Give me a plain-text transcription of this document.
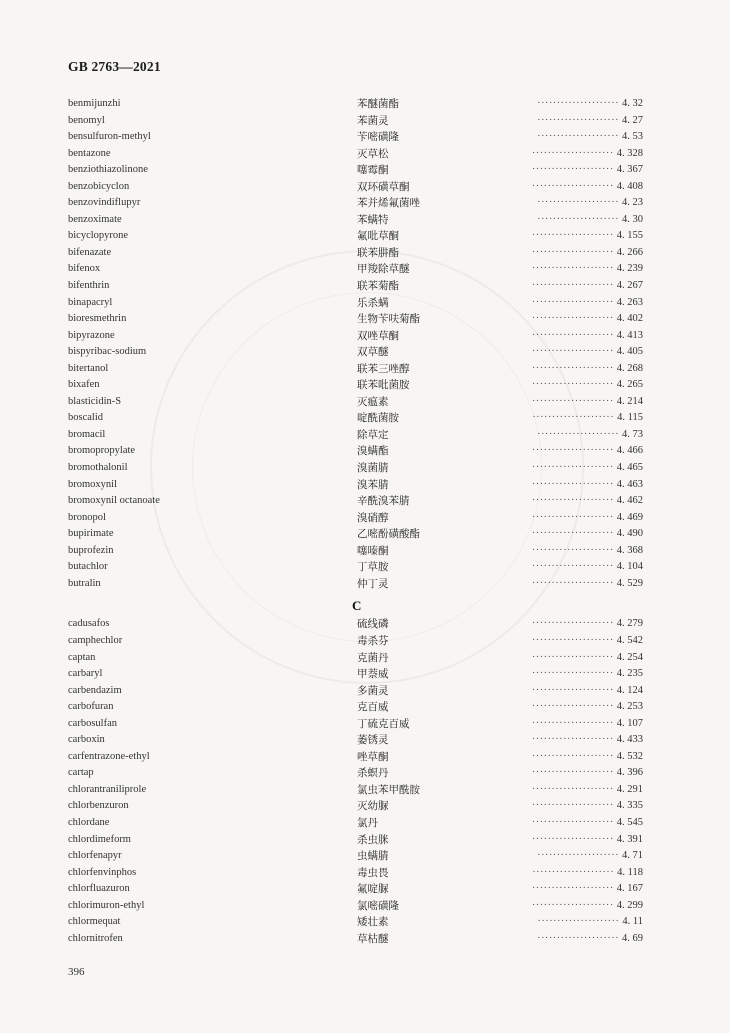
GB 2763—2021
benmijunzhi	苯醚菌酯	····················· 4. 32
benomyl	苯菌灵	····················· 4. 27
bensulfuron-methyl	苄嘧磺隆	····················· 4. 53
bentazone	灭草松	····················· 4. 328
benziothiazolinone	噻霉酮	····················· 4. 367
benzobicyclon	双环磺草酮	····················· 4. 408
benzovindiflupyr	苯并烯氟菌唑	····················· 4. 23
benzoximate	苯螨特	····················· 4. 30
bicyclopyrone	氟吡草酮	····················· 4. 155
bifenazate	联苯肼酯	····················· 4. 266
bifenox	甲羧除草醚	····················· 4. 239
bifenthrin	联苯菊酯	····················· 4. 267
binapacryl	乐杀螨	····················· 4. 263
bioresmethrin	生物苄呋菊酯	····················· 4. 402
bipyrazone	双唑草酮	····················· 4. 413
bispyribac-sodium	双草醚	····················· 4. 405
bitertanol	联苯三唑醇	····················· 4. 268
bixafen	联苯吡菌胺	····················· 4. 265
blasticidin-S	灭瘟素	····················· 4. 214
boscalid	啶酰菌胺	····················· 4. 115
bromacil	除草定	····················· 4. 73
bromopropylate	溴螨酯	····················· 4. 466
bromothalonil	溴菌腈	····················· 4. 465
bromoxynil	溴苯腈	····················· 4. 463
bromoxynil octanoate	辛酰溴苯腈	····················· 4. 462
bronopol	溴硝醇	····················· 4. 469
bupirimate	乙嘧酚磺酸酯	····················· 4. 490
buprofezin	噻嗪酮	····················· 4. 368
butachlor	丁草胺	····················· 4. 104
butralin	仲丁灵	····················· 4. 529
C
cadusafos	硫线磷	····················· 4. 279
camphechlor	毒杀芬	····················· 4. 542
captan	克菌丹	····················· 4. 254
carbaryl	甲萘威	····················· 4. 235
carbendazim	多菌灵	····················· 4. 124
carbofuran	克百威	····················· 4. 253
carbosulfan	丁硫克百威	····················· 4. 107
carboxin	萎锈灵	····················· 4. 433
carfentrazone-ethyl	唑草酮	····················· 4. 532
cartap	杀螟丹	····················· 4. 396
chlorantraniliprole	氯虫苯甲酰胺	····················· 4. 291
chlorbenzuron	灭幼脲	····················· 4. 335
chlordane	氯丹	····················· 4. 545
chlordimeform	杀虫脒	····················· 4. 391
chlorfenapyr	虫螨腈	····················· 4. 71
chlorfenvinphos	毒虫畏	····················· 4. 118
chlorfluazuron	氟啶脲	····················· 4. 167
chlorimuron-ethyl	氯嘧磺隆	····················· 4. 299
chlormequat	矮壮素	····················· 4. 11
chlornitrofen	草枯醚	····················· 4. 69
396
